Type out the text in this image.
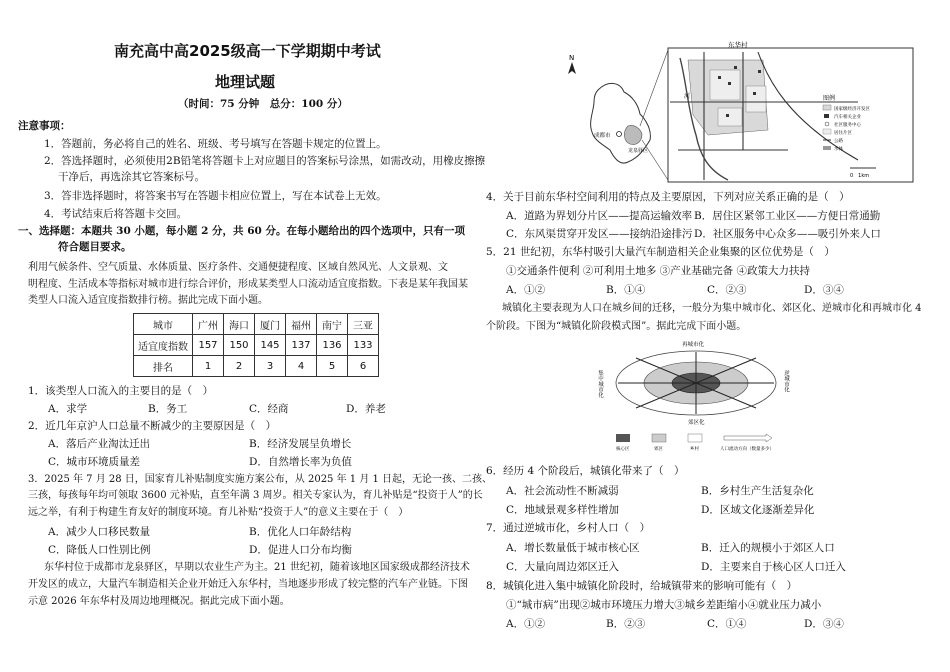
南充高中高2025级高一下学期期中考试
地理试题
（时间：75 分钟　总分：100 分）
注意事项：
1．答题前，务必将自己的姓名、班级、考号填写在答题卡规定的位置上。
2．答选择题时，必须使用2B铅笔将答题卡上对应题目的答案标号涂黑，如需改动，用橡皮擦擦
干净后，再选涂其它答案标号。
3．答非选择题时，将答案书写在答题卡相应位置上，写在本试卷上无效。
4．考试结束后将答题卡交回。
一、选择题：本题共 30 小题，每小题 2 分，共 60 分。在每小题给出的四个选项中，只有一项
符合题目要求。
利用气候条件、空气质量、水体质量、医疗条件、交通便捷程度、区域自然风光、人文景观、文
明程度、生活成本等指标对城市进行综合评价，形成某类型人口流动适宜度指数。下表是某年我国某
类型人口流入适宜度指数排行榜。据此完成下面小题。
城市	广州	海口	厦门	福州	南宁	三亚
适宜度指数	157	150	145	137	136	133
排名	1	2	3	4	5	6
1．该类型人口流入的主要目的是（　）
A．求学	B．务工	C．经商	D．养老
2．近几年京沪人口总量不断减少的主要原因是（　）
A．落后产业淘汰迁出	B．经济发展呈负增长
C．城市环境质量差	D．自然增长率为负值
3．2025 年 7 月 28 日，国家育儿补贴制度实施方案公布，从 2025 年 1 月 1 日起，无论一孩、二孩、
三孩，每孩每年均可领取 3600 元补贴，直至年满 3 周岁。相关专家认为，育儿补贴是“投资于人”的长
远之举，有利于构建生育友好的制度环境。育儿补贴“投资于人”的意义主要在于（　）
A．减少人口移民数量	B．优化人口年龄结构
C．降低人口性别比例	D．促进人口分布均衡
东华村位于成都市龙泉驿区，早期以农业生产为主。21 世纪初，随着该地区国家级成都经济技术
开发区的成立，大量汽车制造相关企业开始迁入东华村，当地逐步形成了较完整的汽车产业链。下图
示意 2026 年东华村及周边地理概况。据此完成下面小题。
N
成都市
龙泉驿区
河
东华村
图例
国家级经济开发区
汽车相关企业
社区服务中心
居住片区
公路
水体
0　1km
4．关于目前东华村空间利用的特点及主要原因，下列对应关系正确的是（　）
A．道路为界划分片区——提高运输效率 B．居住区紧邻工业区——方便日常通勤
C．东风渠贯穿开发区——接纳沿途排污 D．社区服务中心众多——吸引外来人口
5．21 世纪初，东华村吸引大量汽车制造相关企业集聚的区位优势是（　）
①交通条件便利 ②可利用土地多 ③产业基础完备 ④政策大力扶持
A．①②	B．①④	C．②③	D．③④
城镇化主要表现为人口在城乡间的迁移，一般分为集中城市化、郊区化、逆城市化和再城市化 4
个阶段。下图为“城镇化阶段模式图”。据此完成下面小题。
再城市化
郊区化
集中城市化	逆城市化
核心区	郊区	乡村	人口流动方向（数量多少）
6．经历 4 个阶段后，城镇化带来了（　）
A．社会流动性不断减弱	B．乡村生产生活复杂化
C．地域景观多样性增加	D．区域文化逐渐差异化
7．通过逆城市化，乡村人口（　）
A．增长数量低于城市核心区	B．迁入的规模小于郊区人口
C．大量向周边郊区迁入	D．主要来自于核心区人口迁入
8．城镇化进入集中城镇化阶段时，给城镇带来的影响可能有（　）
①“城市病”出现②城市环境压力增大③城乡差距缩小④就业压力减小
A．①②	B．②③	C．①④	D．③④
